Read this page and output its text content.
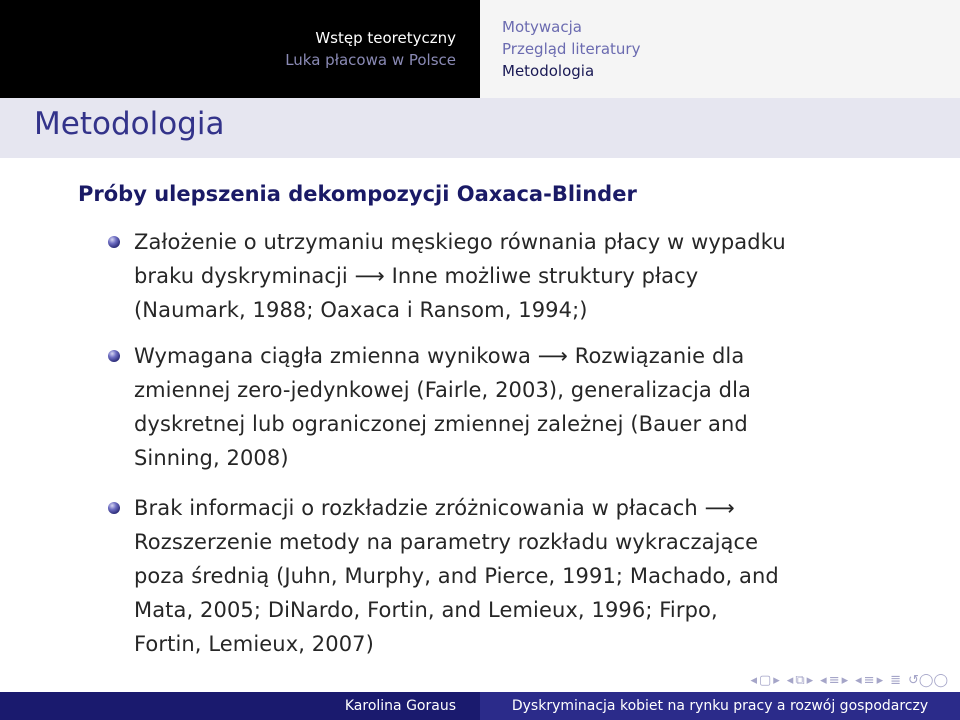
Wstęp teoretyczny
Luka płacowa w Polsce
Motywacja
Przegląd literatury
Metodologia
Metodologia
Próby ulepszenia dekompozycji Oaxaca-Blinder
Założenie o utrzymaniu męskiego równania płacy w wypadku
braku dyskryminacji ⟶ Inne możliwe struktury płacy
(Naumark, 1988; Oaxaca i Ransom, 1994;)
Wymagana ciągła zmienna wynikowa ⟶ Rozwiązanie dla
zmiennej zero-jedynkowej (Fairle, 2003), generalizacja dla
dyskretnej lub ograniczonej zmiennej zależnej (Bauer and
Sinning, 2008)
Brak informacji o rozkładzie zróżnicowania w płacach ⟶
Rozszerzenie metody na parametry rozkładu wykraczające
poza średnią (Juhn, Murphy, and Pierce, 1991; Machado, and
Mata, 2005; DiNardo, Fortin, and Lemieux, 1996; Firpo,
Fortin, Lemieux, 2007)
◂ ▢ ▸ ◂ ⧉ ▸ ◂ ≡ ▸ ◂ ≡ ▸ ≣ ↺◯◯
Karolina Goraus	Dyskryminacja kobiet na rynku pracy a rozwój gospodarczy
